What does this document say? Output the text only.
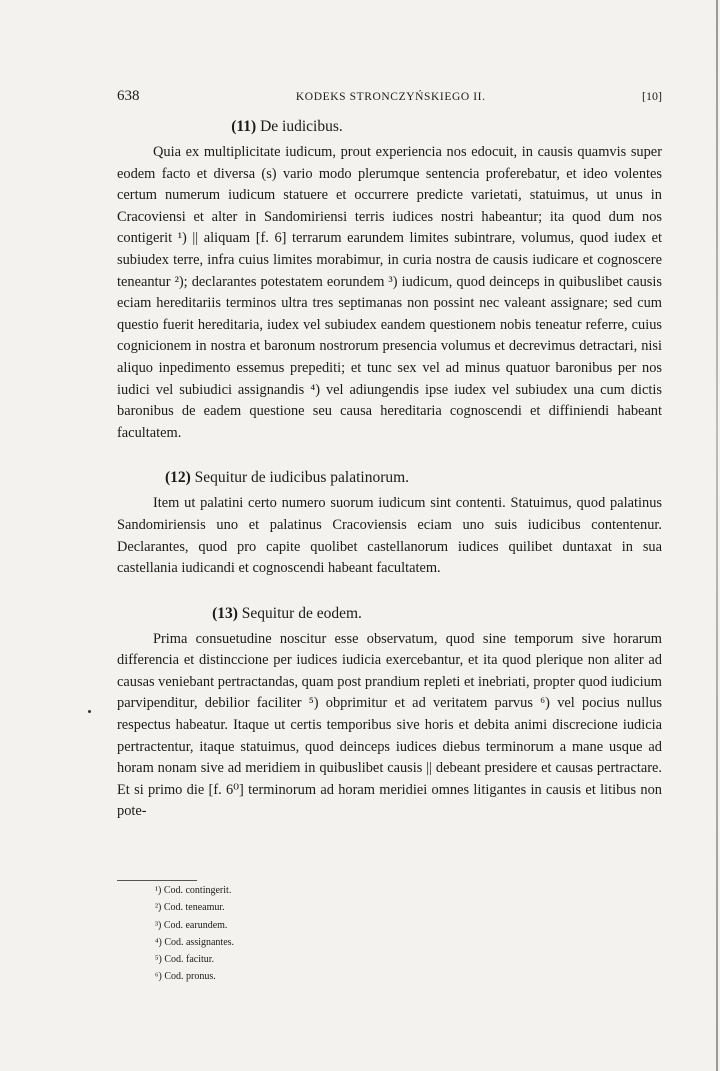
638	KODEKS STRONCZYŃSKIEGO II.	[10]
(11) De iudicibus.

Quia ex multiplicitate iudicum, prout experiencia nos edocuit, in causis quamvis super eodem facto et diversa (s) vario modo plerumque sentencia proferebatur, et ideo volentes certum numerum iudicum statuere et occurrere predicte varietati, statuimus, ut unus in Cracoviensi et alter in Sandomiriensi terris iudices nostri habeantur; ita quod dum nos contigerit ¹) || aliquam [f. 6] terrarum earundem limites subintrare, volumus, quod iudex et subiudex terre, infra cuius limites morabimur, in curia nostra de causis iudicare et cognoscere teneantur ²); declarantes potestatem eorundem ³) iudicum, quod deinceps in quibuslibet causis eciam hereditariis terminos ultra tres septimanas non possint nec valeant assignare; sed cum questio fuerit hereditaria, iudex vel subiudex eandem questionem nobis teneatur referre, cuius cognicionem in nostra et baronum nostrorum presencia volumus et decrevimus detractari, nisi aliquo inpedimento essemus prepediti; et tunc sex vel ad minus quatuor baronibus per nos iudici vel subiudici assignandis ⁴) vel adiungendis ipse iudex vel subiudex una cum dictis baronibus de eadem questione seu causa hereditaria cognoscendi et diffiniendi habeant facultatem.

(12) Sequitur de iudicibus palatinorum.

Item ut palatini certo numero suorum iudicum sint contenti. Statuimus, quod palatinus Sandomiriensis uno et palatinus Cracoviensis eciam uno suis iudicibus contentenur. Declarantes, quod pro capite quolibet castellanorum iudices quilibet duntaxat in sua castellania iudicandi et cognoscendi habeant facultatem.

(13) Sequitur de eodem.

Prima consuetudine noscitur esse observatum, quod sine temporum sive horarum differencia et distinccione per iudices iudicia exercebantur, et ita quod plerique non aliter ad causas veniebant pertractandas, quam post prandium repleti et inebriati, propter quod iudicium parvipenditur, debilior faciliter ⁵) obprimitur et ad veritatem parvus ⁶) vel pocius nullus respectus habeatur. Itaque ut certis temporibus sive horis et debita animi discrecione iudicia pertractentur, itaque statuimus, quod deinceps iudices diebus terminorum a mane usque ad horam nonam sive ad meridiem in quibuslibet causis || debeant presidere et causas pertractare. Et si primo die [f. 6⁰] terminorum ad horam meridiei omnes litigantes in causis et litibus non pote-

¹) Cod. contingerit.
²) Cod. teneamur.
³) Cod. earundem.
⁴) Cod. assignantes.
⁵) Cod. facitur.
⁶) Cod. pronus.
